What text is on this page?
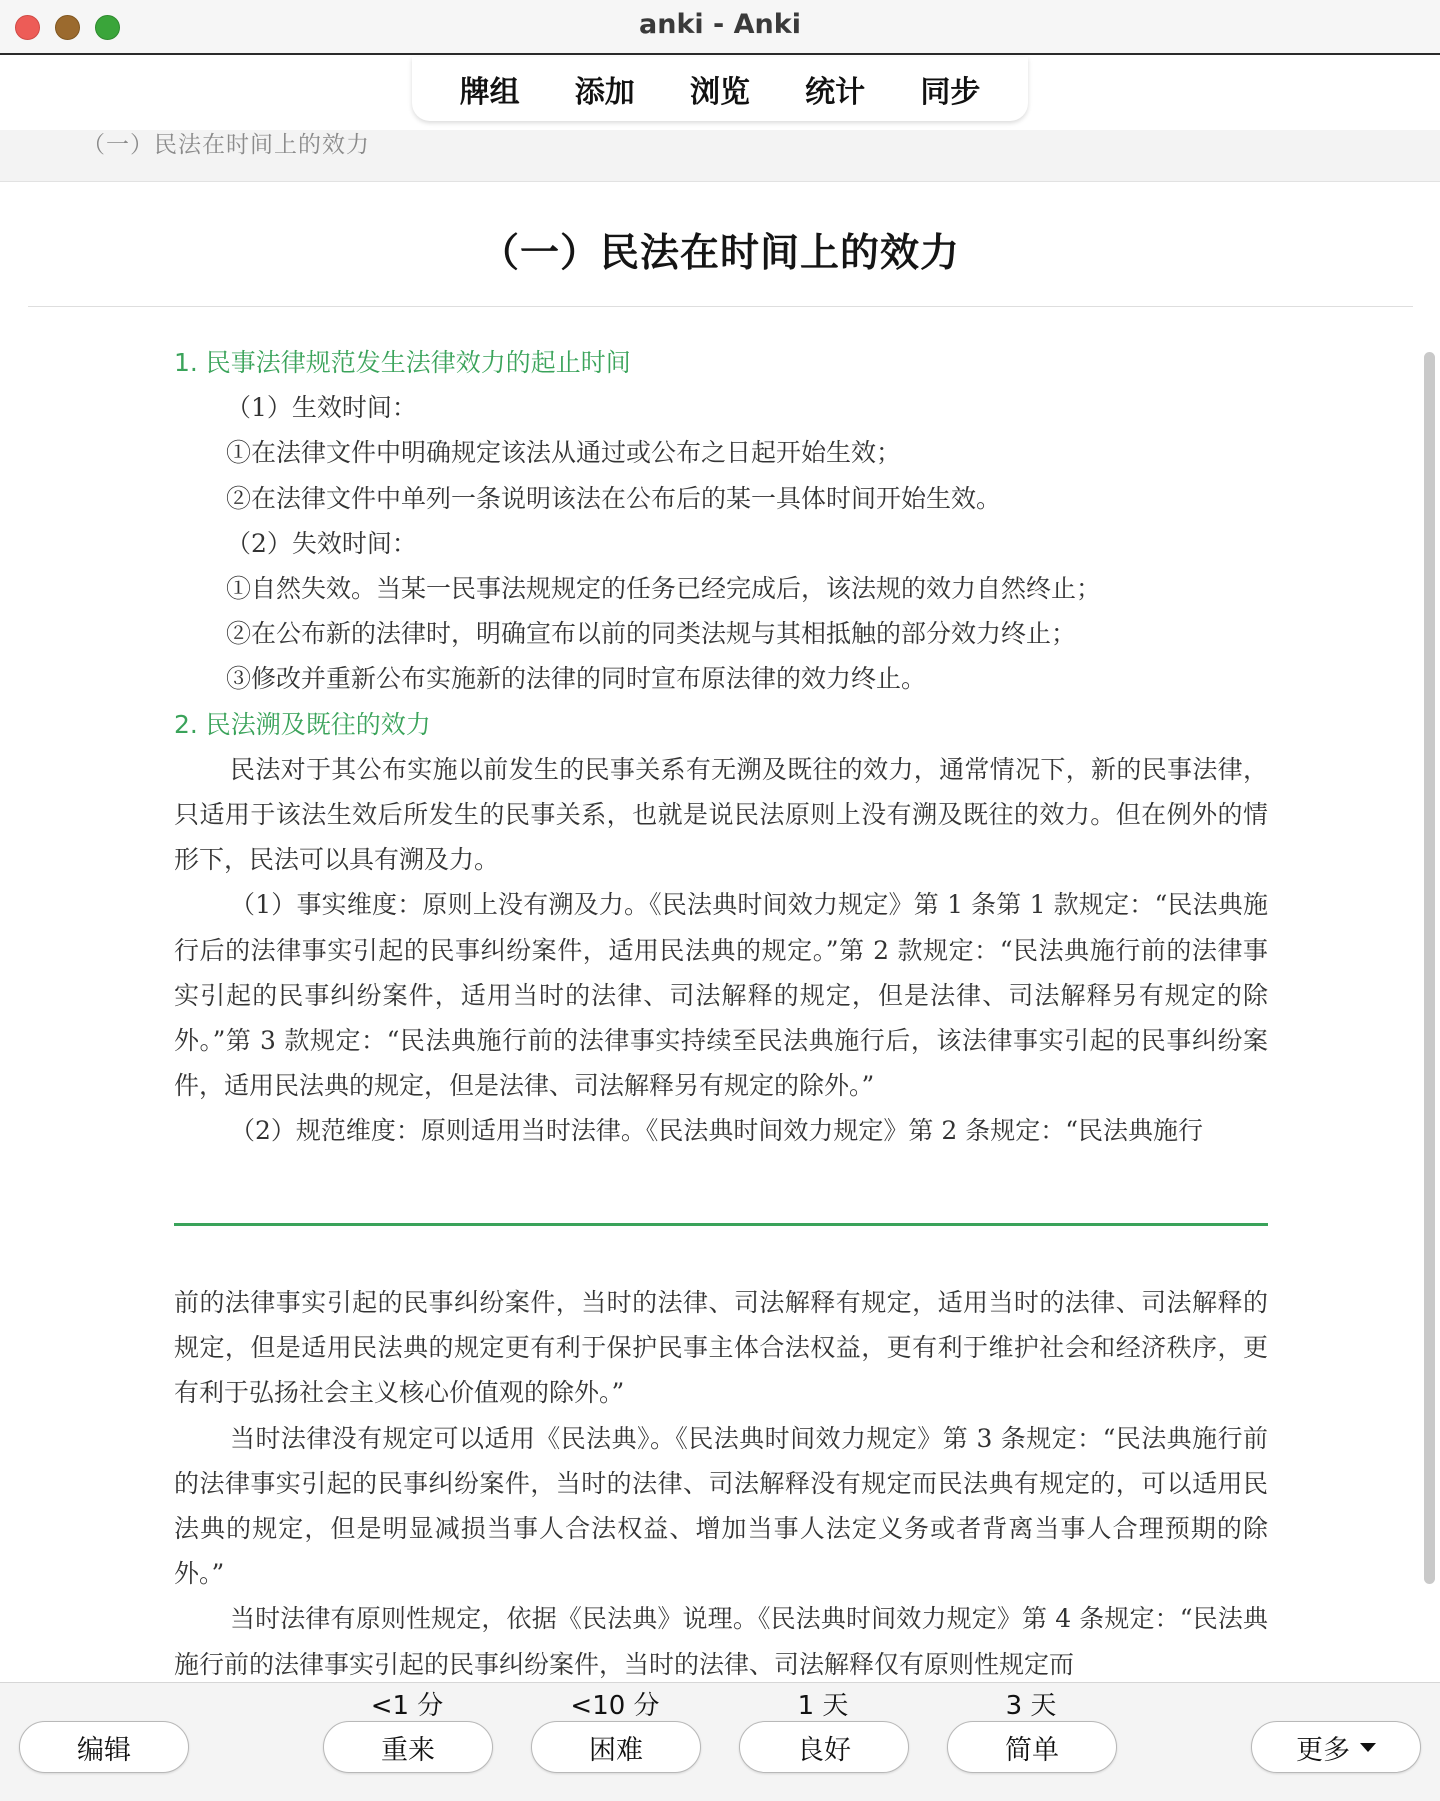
anki - Anki
牌组	添加	浏览	统计	同步
（一）民法在时间上的效力
（一）民法在时间上的效力

1. 民事法律规范发生法律效力的起止时间

（1）生效时间：

①在法律文件中明确规定该法从通过或公布之日起开始生效；

②在法律文件中单列一条说明该法在公布后的某一具体时间开始生效。

（2）失效时间：

①自然失效。当某一民事法规规定的任务已经完成后，该法规的效力自然终止；

②在公布新的法律时，明确宣布以前的同类法规与其相抵触的部分效力终止；

③修改并重新公布实施新的法律的同时宣布原法律的效力终止。

2. 民法溯及既往的效力

民法对于其公布实施以前发生的民事关系有无溯及既往的效力，通常情况下，新的民事法律，只适用于该法生效后所发生的民事关系，也就是说民法原则上没有溯及既往的效力。但在例外的情形下，民法可以具有溯及力。

（1）事实维度：原则上没有溯及力。《民法典时间效力规定》第 1 条第 1 款规定：“民法典施行后的法律事实引起的民事纠纷案件，适用民法典的规定。”第 2 款规定：“民法典施行前的法律事实引起的民事纠纷案件，适用当时的法律、司法解释的规定，但是法律、司法解释另有规定的除外。”第 3 款规定：“民法典施行前的法律事实持续至民法典施行后，该法律事实引起的民事纠纷案件，适用民法典的规定，但是法律、司法解释另有规定的除外。”

（2）规范维度：原则适用当时法律。《民法典时间效力规定》第 2 条规定：“民法典施行

前的法律事实引起的民事纠纷案件，当时的法律、司法解释有规定，适用当时的法律、司法解释的规定，但是适用民法典的规定更有利于保护民事主体合法权益，更有利于维护社会和经济秩序，更有利于弘扬社会主义核心价值观的除外。”

当时法律没有规定可以适用《民法典》。《民法典时间效力规定》第 3 条规定：“民法典施行前的法律事实引起的民事纠纷案件，当时的法律、司法解释没有规定而民法典有规定的，可以适用民法典的规定，但是明显减损当事人合法权益、增加当事人法定义务或者背离当事人合理预期的除外。”

当时法律有原则性规定，依据《民法典》说理。《民法典时间效力规定》第 4 条规定：“民法典施行前的法律事实引起的民事纠纷案件，当时的法律、司法解释仅有原则性规定而

<1 分	<10 分	1 天	3 天
编辑	重来	困难	良好	简单	更多
